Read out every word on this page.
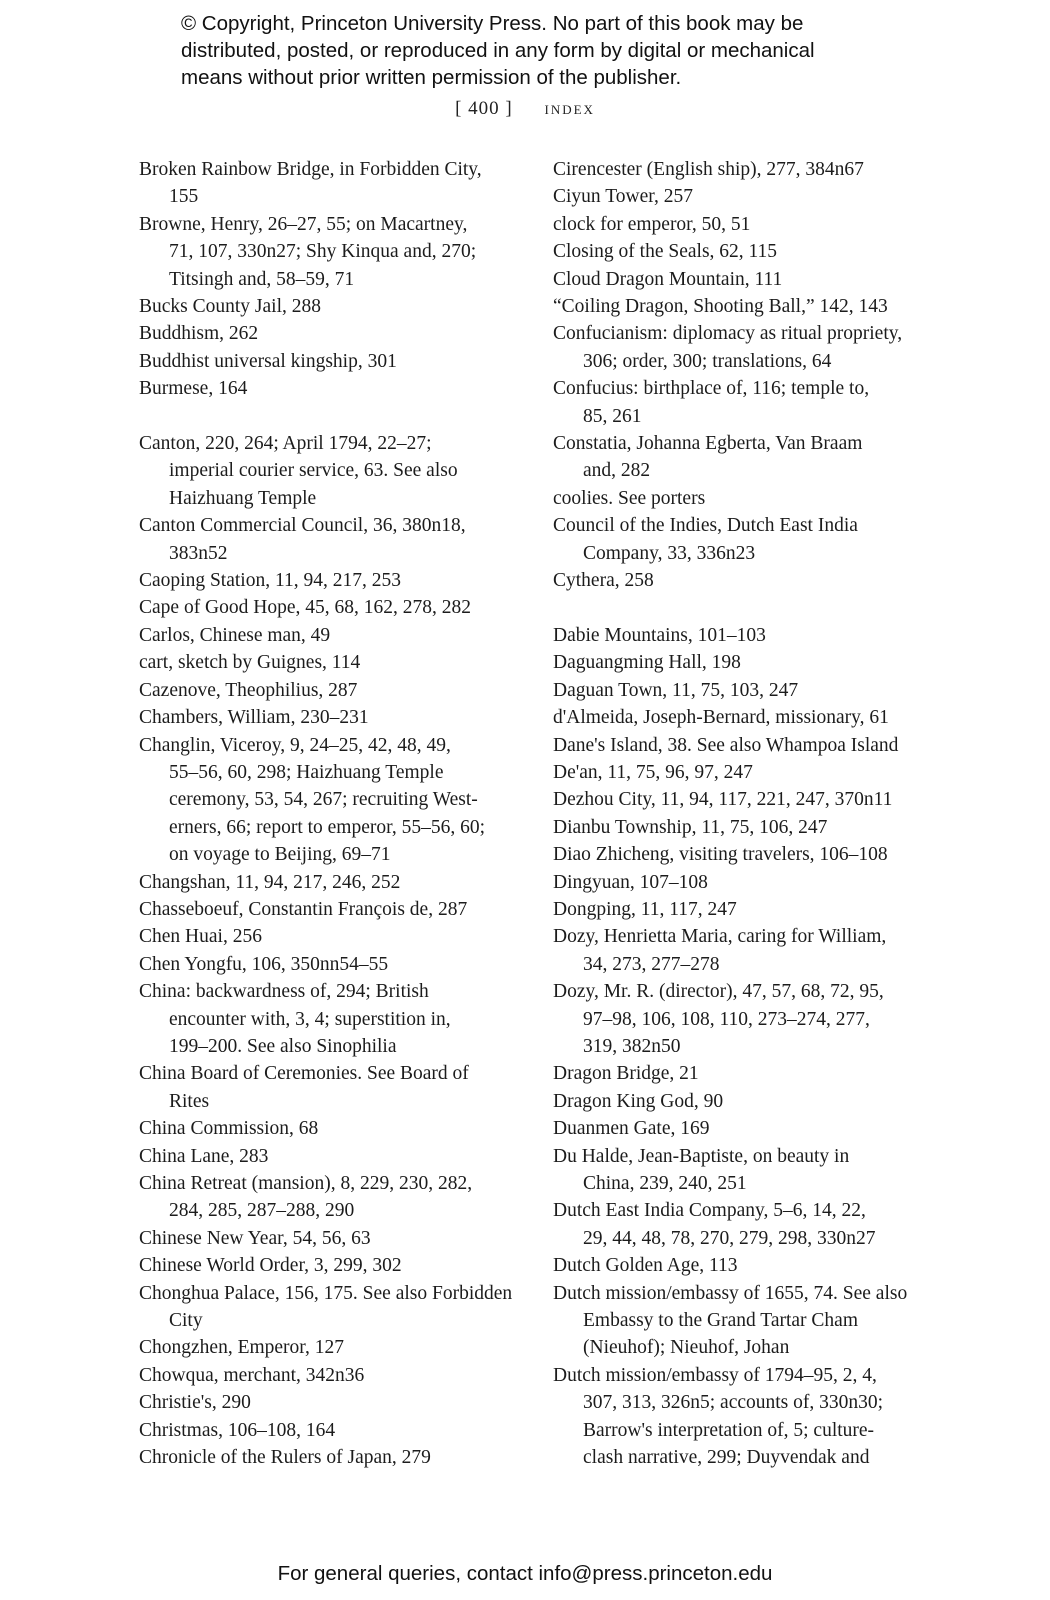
© Copyright, Princeton University Press. No part of this book may be
distributed, posted, or reproduced in any form by digital or mechanical
means without prior written permission of the publisher.
[ 400 ] index
Broken Rainbow Bridge, in Forbidden City,
155
Browne, Henry, 26–27, 55; on Macartney,
71, 107, 330n27; Shy Kinqua and, 270;
Titsingh and, 58–59, 71
Bucks County Jail, 288
Buddhism, 262
Buddhist universal kingship, 301
Burmese, 164
Canton, 220, 264; April 1794, 22–27;
imperial courier service, 63. See also
Haizhuang Temple
Canton Commercial Council, 36, 380n18,
383n52
Caoping Station, 11, 94, 217, 253
Cape of Good Hope, 45, 68, 162, 278, 282
Carlos, Chinese man, 49
cart, sketch by Guignes, 114
Cazenove, Theophilius, 287
Chambers, William, 230–231
Changlin, Viceroy, 9, 24–25, 42, 48, 49,
55–56, 60, 298; Haizhuang Temple
ceremony, 53, 54, 267; recruiting West-
erners, 66; report to emperor, 55–56, 60;
on voyage to Beijing, 69–71
Changshan, 11, 94, 217, 246, 252
Chasseboeuf, Constantin François de, 287
Chen Huai, 256
Chen Yongfu, 106, 350nn54–55
China: backwardness of, 294; British
encounter with, 3, 4; superstition in,
199–200. See also Sinophilia
China Board of Ceremonies. See Board of
Rites
China Commission, 68
China Lane, 283
China Retreat (mansion), 8, 229, 230, 282,
284, 285, 287–288, 290
Chinese New Year, 54, 56, 63
Chinese World Order, 3, 299, 302
Chonghua Palace, 156, 175. See also Forbidden
City
Chongzhen, Emperor, 127
Chowqua, merchant, 342n36
Christie's, 290
Christmas, 106–108, 164
Chronicle of the Rulers of Japan, 279
Cirencester (English ship), 277, 384n67
Ciyun Tower, 257
clock for emperor, 50, 51
Closing of the Seals, 62, 115
Cloud Dragon Mountain, 111
“Coiling Dragon, Shooting Ball,” 142, 143
Confucianism: diplomacy as ritual propriety,
306; order, 300; translations, 64
Confucius: birthplace of, 116; temple to,
85, 261
Constatia, Johanna Egberta, Van Braam
and, 282
coolies. See porters
Council of the Indies, Dutch East India
Company, 33, 336n23
Cythera, 258
Dabie Mountains, 101–103
Daguangming Hall, 198
Daguan Town, 11, 75, 103, 247
d'Almeida, Joseph-Bernard, missionary, 61
Dane's Island, 38. See also Whampoa Island
De'an, 11, 75, 96, 97, 247
Dezhou City, 11, 94, 117, 221, 247, 370n11
Dianbu Township, 11, 75, 106, 247
Diao Zhicheng, visiting travelers, 106–108
Dingyuan, 107–108
Dongping, 11, 117, 247
Dozy, Henrietta Maria, caring for William,
34, 273, 277–278
Dozy, Mr. R. (director), 47, 57, 68, 72, 95,
97–98, 106, 108, 110, 273–274, 277,
319, 382n50
Dragon Bridge, 21
Dragon King God, 90
Duanmen Gate, 169
Du Halde, Jean-Baptiste, on beauty in
China, 239, 240, 251
Dutch East India Company, 5–6, 14, 22,
29, 44, 48, 78, 270, 279, 298, 330n27
Dutch Golden Age, 113
Dutch mission/embassy of 1655, 74. See also
Embassy to the Grand Tartar Cham
(Nieuhof); Nieuhof, Johan
Dutch mission/embassy of 1794–95, 2, 4,
307, 313, 326n5; accounts of, 330n30;
Barrow's interpretation of, 5; culture-
clash narrative, 299; Duyvendak and
For general queries, contact info@press.princeton.edu
